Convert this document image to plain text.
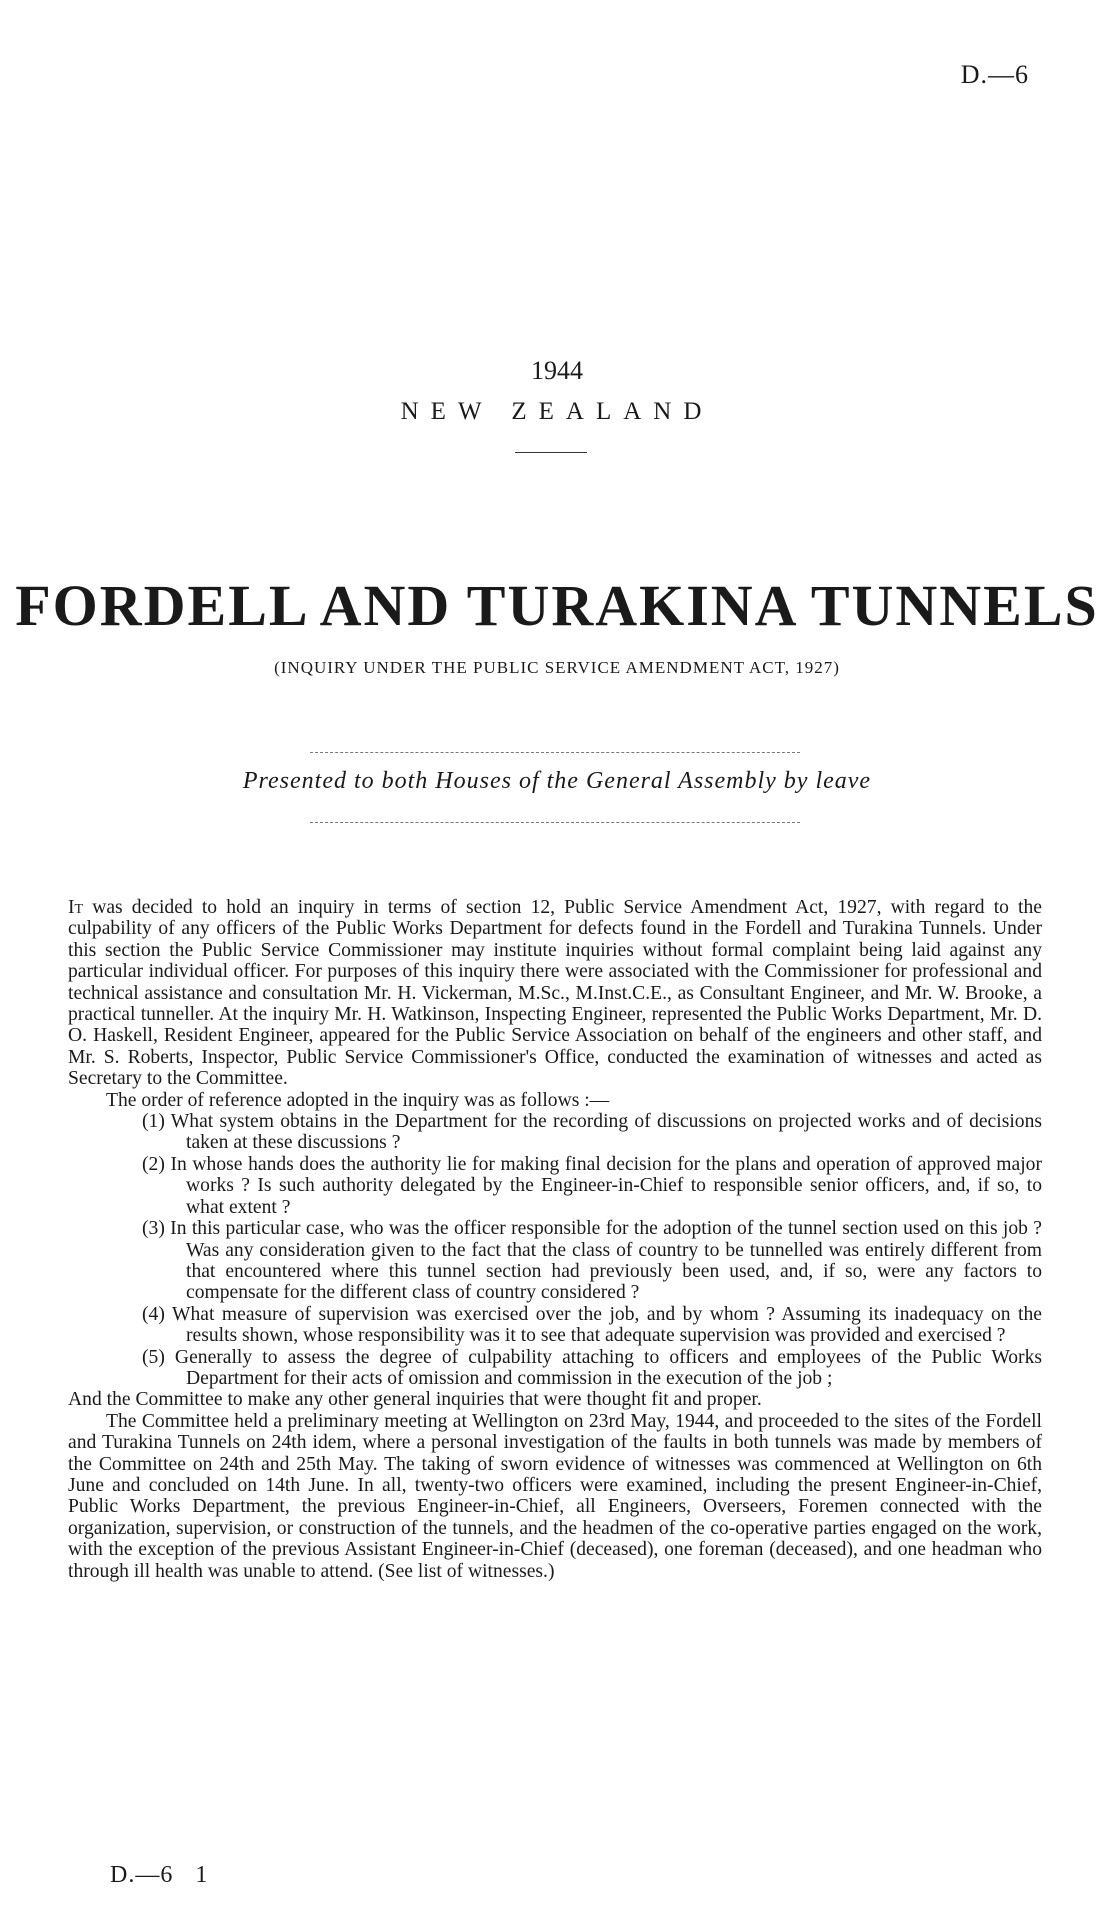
D.—6
1944
NEW ZEALAND
FORDELL AND TURAKINA TUNNELS
(INQUIRY UNDER THE PUBLIC SERVICE AMENDMENT ACT, 1927)
Presented to both Houses of the General Assembly by leave

It was decided to hold an inquiry in terms of section 12, Public Service Amendment Act, 1927, with regard to the culpability of any officers of the Public Works Department for defects found in the Fordell and Turakina Tunnels. Under this section the Public Service Commissioner may institute inquiries without formal complaint being laid against any particular individual officer. For purposes of this inquiry there were associated with the Commissioner for professional and technical assistance and consultation Mr. H. Vickerman, M.Sc., M.Inst.C.E., as Consultant Engineer, and Mr. W. Brooke, a practical tunneller. At the inquiry Mr. H. Watkinson, Inspecting Engineer, represented the Public Works Department, Mr. D. O. Haskell, Resident Engineer, appeared for the Public Service Association on behalf of the engineers and other staff, and Mr. S. Roberts, Inspector, Public Service Commissioner's Office, conducted the examination of witnesses and acted as Secretary to the Committee.

The order of reference adopted in the inquiry was as follows :—

(1) What system obtains in the Department for the recording of discussions on projected works and of decisions taken at these discussions ?

(2) In whose hands does the authority lie for making final decision for the plans and operation of approved major works ? Is such authority delegated by the Engineer-in-Chief to responsible senior officers, and, if so, to what extent ?

(3) In this particular case, who was the officer responsible for the adoption of the tunnel section used on this job ? Was any consideration given to the fact that the class of country to be tunnelled was entirely different from that encountered where this tunnel section had previously been used, and, if so, were any factors to compensate for the different class of country considered ?

(4) What measure of supervision was exercised over the job, and by whom ? Assuming its inadequacy on the results shown, whose responsibility was it to see that adequate supervision was provided and exercised ?

(5) Generally to assess the degree of culpability attaching to officers and employees of the Public Works Department for their acts of omission and commission in the execution of the job ;

And the Committee to make any other general inquiries that were thought fit and proper.

The Committee held a preliminary meeting at Wellington on 23rd May, 1944, and proceeded to the sites of the Fordell and Turakina Tunnels on 24th idem, where a personal investigation of the faults in both tunnels was made by members of the Committee on 24th and 25th May. The taking of sworn evidence of witnesses was commenced at Wellington on 6th June and concluded on 14th June. In all, twenty-two officers were examined, including the present Engineer-in-Chief, Public Works Department, the previous Engineer-in-Chief, all Engineers, Overseers, Foremen connected with the organization, supervision, or construction of the tunnels, and the headmen of the co-operative parties engaged on the work, with the exception of the previous Assistant Engineer-in-Chief (deceased), one foreman (deceased), and one headman who through ill health was unable to attend. (See list of witnesses.)

D.—6 1
